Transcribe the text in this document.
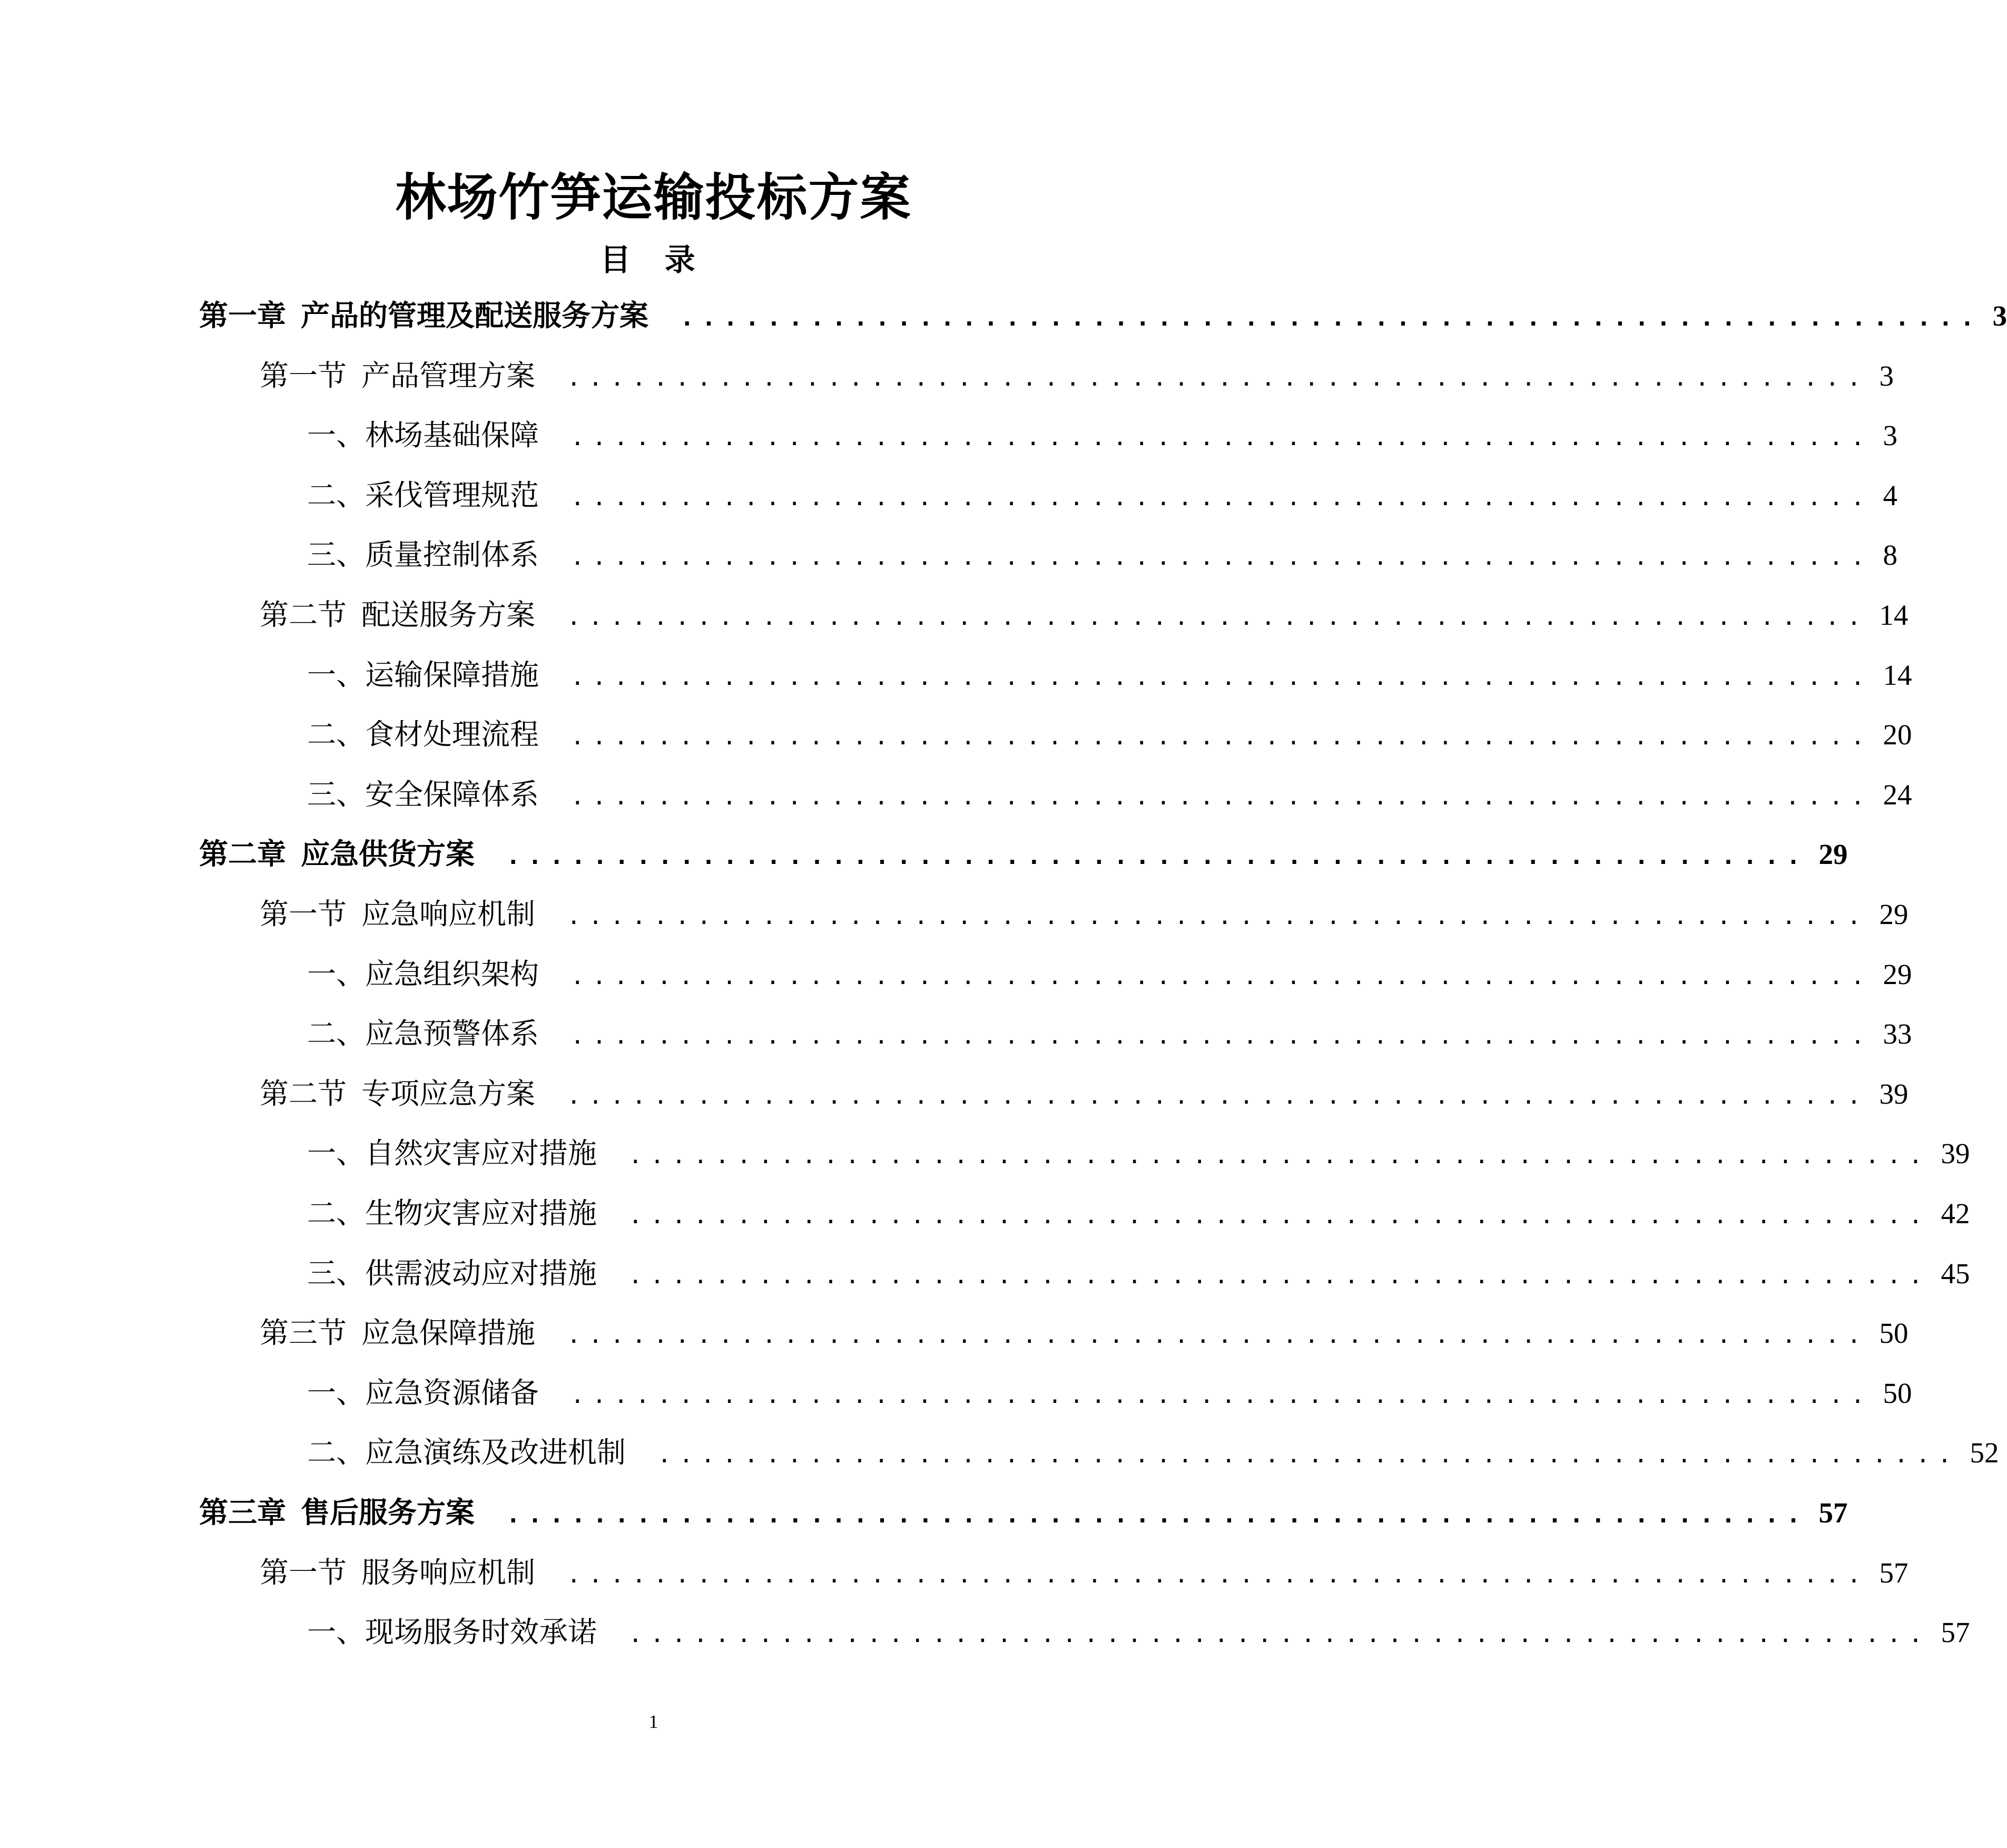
林场竹笋运输投标方案
目 录
第一章 产品的管理及配送服务方案 ............................................................ 3
第一节 产品管理方案 ............................................................ 3
一、林场基础保障 ............................................................ 3
二、采伐管理规范 ............................................................ 4
三、质量控制体系 ............................................................ 8
第二节 配送服务方案 ............................................................ 14
一、运输保障措施 ............................................................ 14
二、食材处理流程 ............................................................ 20
三、安全保障体系 ............................................................ 24
第二章 应急供货方案 ............................................................ 29
第一节 应急响应机制 ............................................................ 29
一、应急组织架构 ............................................................ 29
二、应急预警体系 ............................................................ 33
第二节 专项应急方案 ............................................................ 39
一、自然灾害应对措施 ............................................................ 39
二、生物灾害应对措施 ............................................................ 42
三、供需波动应对措施 ............................................................ 45
第三节 应急保障措施 ............................................................ 50
一、应急资源储备 ............................................................ 50
二、应急演练及改进机制 ............................................................ 52
第三章 售后服务方案 ............................................................ 57
第一节 服务响应机制 ............................................................ 57
一、现场服务时效承诺 ............................................................ 57
1
